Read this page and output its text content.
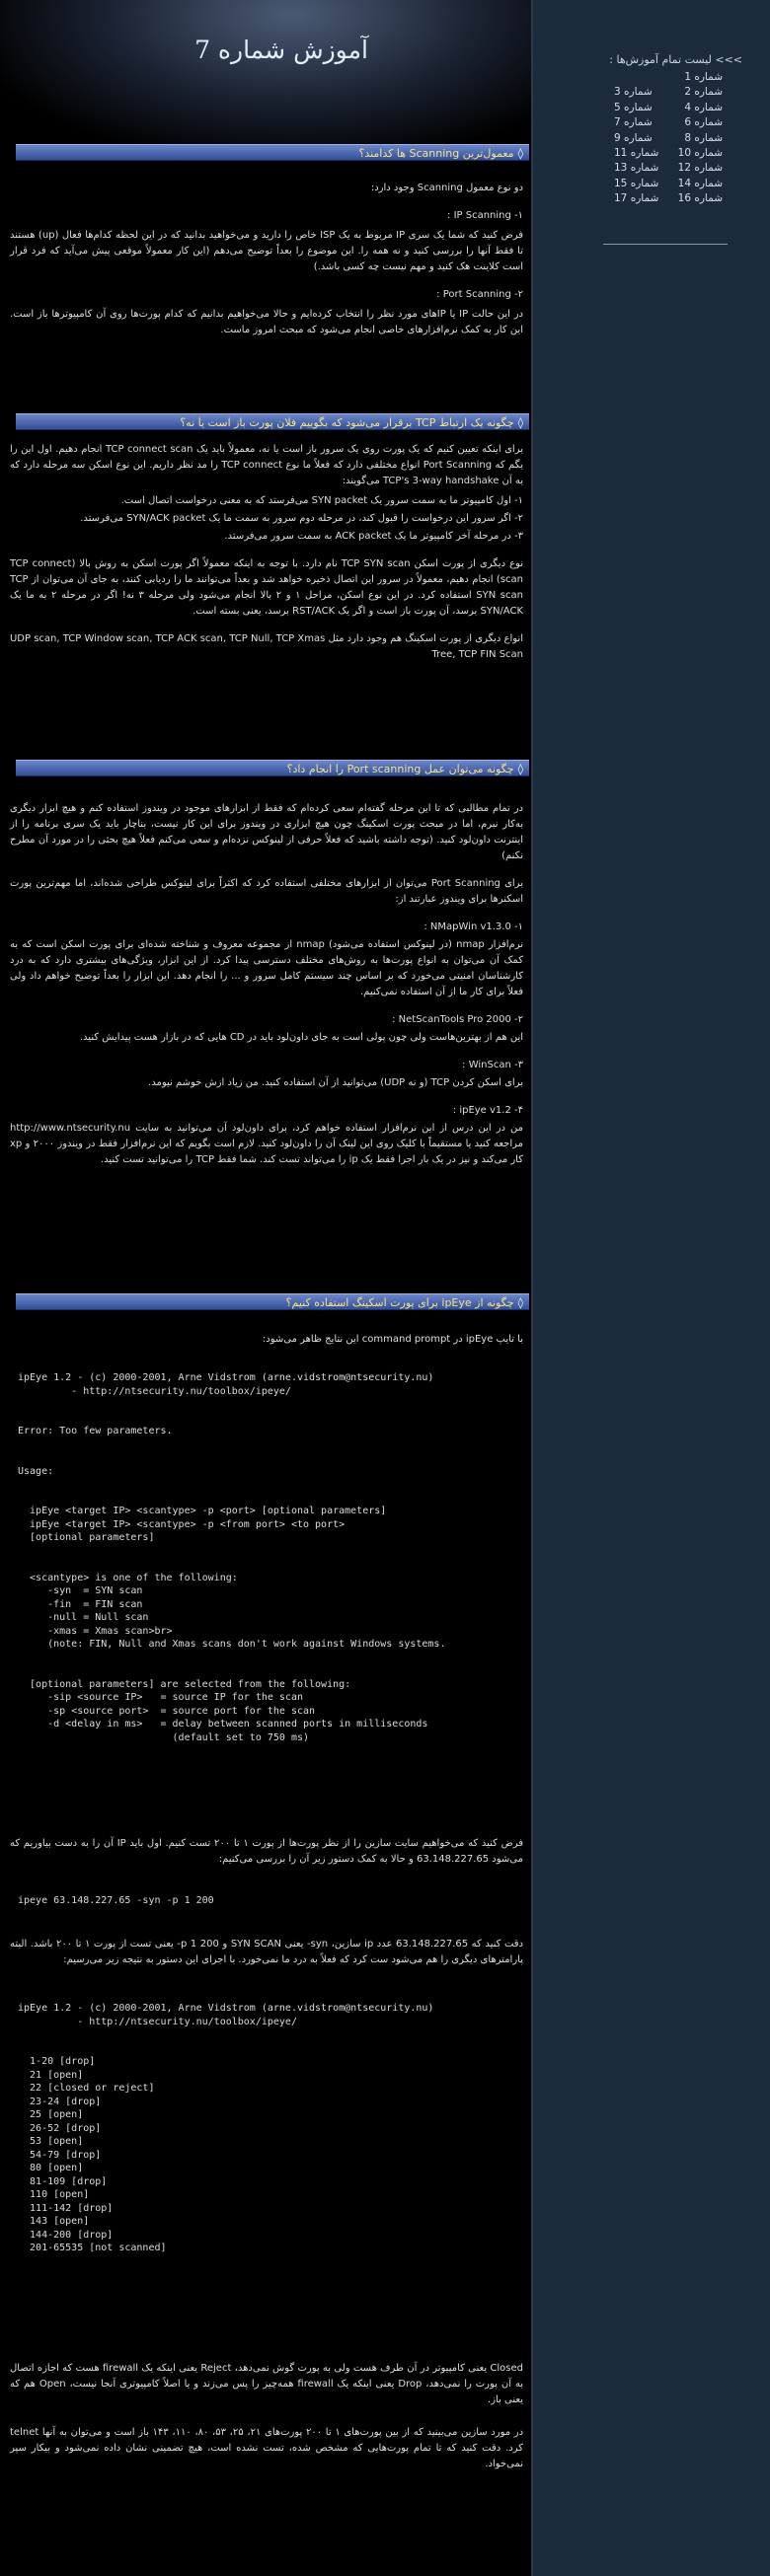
آموزش شماره 7
◊معمول‌ترین Scanning ها کدامند؟

دو نوع معمول Scanning وجود دارد:

IP Scanning -۱ :

فرض کنید که شما یک سری IP مربوط به یک ISP خاص را دارید و می‌خواهید بدانید که در این لحظه کدام‌ها فعال (up) هستند تا فقط آنها را بررسی کنید و نه همه را. این موضوع را بعداً توضیح می‌دهم (این کار معمولاً موقعی پیش می‌آید که فرد قرار است کلاینت هک کنید و مهم نیست چه کسی باشد.)

Port Scanning -۲ :

در این حالت IP یا IPهای مورد نظر را انتخاب کرده‌ایم و حالا می‌خواهیم بدانیم که کدام پورت‌ها روی آن کامپیوترها باز است. این کار به کمک نرم‌افزارهای خاصی انجام می‌شود که مبحث امروز ماست.

◊چگونه یک ارتباط TCP برقرار می‌شود که بگوییم فلان پورت باز است یا نه؟

برای اینکه تعیین کنیم که یک پورت روی یک سرور باز است یا نه، معمولاً باید یک TCP connect scan انجام دهیم. اول این را بگم که Port Scanning انواع مختلفی دارد که فعلاً ما نوع TCP connect را مد نظر داریم. این نوع اسکن سه مرحله دارد که به آن TCP's 3-way handshake می‌گویند:

۱- اول کامپیوتر ما به سمت سرور یک SYN packet می‌فرستد که به معنی درخواست اتصال است.

۲- اگر سرور این درخواست را قبول کند، در مرحله دوم سرور به سمت ما یک SYN/ACK packet می‌فرستد.

۳- در مرحله آخر کامپیوتر ما یک ACK packet به سمت سرور می‌فرستد.

نوع دیگری از پورت اسکن TCP SYN scan نام دارد. با توجه به اینکه معمولاً اگر پورت اسکن به روش بالا (TCP connect scan) انجام دهیم، معمولاً در سرور این اتصال ذخیره خواهد شد و بعداً می‌توانند ما را ردیابی کنند، به جای آن می‌توان از TCP SYN scan استفاده کرد. در این نوع اسکن، مراحل ۱ و ۲ بالا انجام می‌شود ولی مرحله ۳ نه! اگر در مرحله ۲ به ما یک SYN/ACK برسد، آن پورت باز است و اگر یک RST/ACK برسد، یعنی بسته است.

انواع دیگری از پورت اسکینگ هم وجود دارد مثل UDP scan, TCP Window scan, TCP ACK scan, TCP Null, TCP Xmas Tree, TCP FIN Scan

◊چگونه می‌توان عمل Port scanning را انجام داد؟

در تمام مطالبی که تا این مرحله گفته‌ام سعی کرده‌ام که فقط از ابزارهای موجود در ویندوز استفاده کنم و هیچ ابزار دیگری به‌کار نبرم، اما در مبحث پورت اسکینگ چون هیچ ابزاری در ویندوز برای این کار نیست، بناچار باید یک سری برنامه را از اینترنت داون‌لود کنید. (توجه داشته باشید که فعلاً حرفی از لینوکس نزده‌ام و سعی می‌کنم فعلاً هیچ بحثی را در مورد آن مطرح نکنم)

برای Port Scanning می‌توان از ابزارهای مختلفی استفاده کرد که اکثراً برای لینوکس طراحی شده‌اند، اما مهم‌ترین پورت اسکنرها برای ویندوز عبارتند از:

NMapWin v1.3.0 -۱ :

نرم‌افزار nmap (در لینوکس استفاده می‌شود) nmap از مجموعه معروف و شناخته شده‌ای برای پورت اسکن است که به کمک آن می‌توان به انواع پورت‌ها به روش‌های مختلف دسترسی پیدا کرد. از این ابزار، ویژگی‌های بیشتری دارد که به درد کارشناسان امنیتی می‌خورد که بر اساس چند سیستم کامل سرور و ... را انجام دهد. این ابزار را بعداً توضیح خواهم داد ولی فعلاً برای کار ما از آن استفاده نمی‌کنیم.

NetScanTools Pro 2000 -۲ :

این هم از بهترین‌هاست ولی چون پولی است به جای داون‌لود باید در CD هایی که در بازار هست پیدایش کنید.

WinScan -۳ :

برای اسکن کردن TCP (و نه UDP) می‌توانید از آن استفاده کنید. من زیاد ازش خوشم نیومد.

ipEye v1.2 -۴ :

من در این درس از این نرم‌افزار استفاده خواهم کرد، برای داون‌لود آن می‌توانید به سایت http://www.ntsecurity.nu مراجعه کنید یا مستقیماً با کلیک روی این لینک آن را داون‌لود کنید. لازم است بگویم که این نرم‌افزار فقط در ویندوز ۲۰۰۰ و xp کار می‌کند و نیز در یک بار اجرا فقط یک ip را می‌تواند تست کند. شما فقط TCP را می‌توانید تست کنید.

◊چگونه از ipEye برای پورت اسکینگ استفاده کنیم؟
با تایپ ipEye در command prompt این نتایج ظاهر می‌شود:
ipEye 1.2 - (c) 2000-2001, Arne Vidstrom (arne.vidstrom@ntsecurity.nu)
- http://ntsecurity.nu/toolbox/ipeye/

Error: Too few parameters.

Usage:

ipEye <target IP> <scantype> -p <port> [optional parameters]
ipEye <target IP> <scantype> -p <from port> <to port>
[optional parameters]

<scantype> is one of the following:
-syn  = SYN scan
-fin  = FIN scan
-null = Null scan
-xmas = Xmas scan>br>
(note: FIN, Null and Xmas scans don't work against Windows systems.

[optional parameters] are selected from the following:
-sip <source IP>   = source IP for the scan
-sp <source port>  = source port for the scan
-d <delay in ms>   = delay between scanned ports in milliseconds
(default set to 750 ms)
فرض کنید که می‌خواهیم سایت سازین را از نظر پورت‌ها از پورت ۱ تا ۲۰۰ تست کنیم. اول باید IP آن را به دست بیاوریم که می‌شود 63.148.227.65 و حالا به کمک دستور زیر آن را بررسی می‌کنیم:
ipeye 63.148.227.65 -syn -p 1 200
دقت کنید که 63.148.227.65 عدد ip سازین، syn- یعنی SYN SCAN و p 1 200- یعنی تست از پورت ۱ تا ۲۰۰ باشد. البته پارامترهای دیگری را هم می‌شود ست کرد که فعلاً به درد ما نمی‌خورد. با اجرای این دستور به نتیجه زیر می‌رسیم:
ipEye 1.2 - (c) 2000-2001, Arne Vidstrom (arne.vidstrom@ntsecurity.nu)
- http://ntsecurity.nu/toolbox/ipeye/

1-20 [drop]
21 [open]
22 [closed or reject]
23-24 [drop]
25 [open]
26-52 [drop]
53 [open]
54-79 [drop]
80 [open]
81-109 [drop]
110 [open]
111-142 [drop]
143 [open]
144-200 [drop]
201-65535 [not scanned]
Closed یعنی کامپیوتر در آن طرف هست ولی به پورت گوش نمی‌دهد، Reject یعنی اینکه یک firewall هست که اجازه اتصال به آن پورت را نمی‌دهد، Drop یعنی اینکه یک firewall همه‌چیز را پس می‌زند و یا اصلاً کامپیوتری آنجا نیست، Open هم که یعنی باز.
در مورد سازین می‌بینید که از بین پورت‌های ۱ تا ۲۰۰ پورت‌های ۲۱، ۲۵، ۵۳، ۸۰، ۱۱۰، ۱۴۳ باز است و می‌توان به آنها telnet کرد. دقت کنید که تا تمام پورت‌هایی که مشخص شده، تست نشده است، هیچ تضمینی نشان داده نمی‌شود و بیکار سپر نمی‌خواد.
>>> لیست تمام آموزش‌ها :
شماره 1
شماره 2شماره 3
شماره 4شماره 5
شماره 6شماره 7
شماره 8شماره 9
شماره 10شماره 11
شماره 12شماره 13
شماره 14شماره 15
شماره 16شماره 17
